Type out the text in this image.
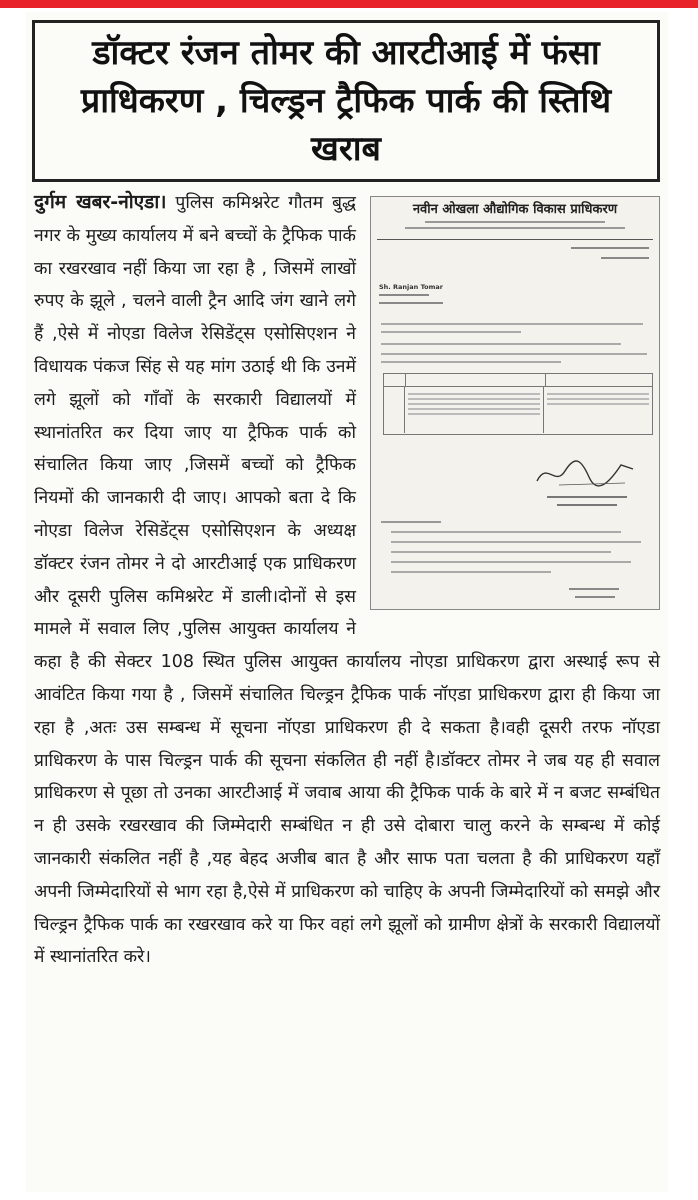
डॉक्टर रंजन तोमर की आरटीआई में फंसा प्राधिकरण , चिल्ड्रन ट्रैफिक पार्क की स्तिथि खराब
नवीन ओखला औद्योगिक विकास प्राधिकरण
Sh. Ranjan Tomar
दुर्गम खबर-नोएडा। पुलिस कमिश्नरेट गौतम बुद्ध नगर के मुख्य कार्यालय में बने बच्चों के ट्रैफिक पार्क का रखरखाव नहीं किया जा रहा है , जिसमें लाखों रुपए के झूले , चलने वाली ट्रैन आदि जंग खाने लगे हैं ,ऐसे में नोएडा विलेज रेसिडेंट्स एसोसिएशन ने विधायक पंकज सिंह से यह मांग उठाई थी कि उनमें लगे झूलों को गाँवों के सरकारी विद्यालयों में स्थानांतरित कर दिया जाए या ट्रैफिक पार्क को संचालित किया जाए ,जिसमें बच्चों को ट्रैफिक नियमों की जानकारी दी जाए। आपको बता दे कि नोएडा विलेज रेसिडेंट्स एसोसिएशन के अध्यक्ष डॉक्टर रंजन तोमर ने दो आरटीआई एक प्राधिकरण और दूसरी पुलिस कमिश्नरेट में डाली।दोनों से इस मामले में सवाल लिए ,पुलिस आयुक्त कार्यालय ने कहा है की सेक्टर 108 स्थित पुलिस आयुक्त कार्यालय नोएडा प्राधिकरण द्वारा अस्थाई रूप से आवंटित किया गया है , जिसमें संचालित चिल्ड्रन ट्रैफिक पार्क नॉएडा प्राधिकरण द्वारा ही किया जा रहा है ,अतः उस सम्बन्ध में सूचना नॉएडा प्राधिकरण ही दे सकता है।वही दूसरी तरफ नॉएडा प्राधिकरण के पास चिल्ड्रन पार्क की सूचना संकलित ही नहीं है।डॉक्टर तोमर ने जब यह ही सवाल प्राधिकरण से पूछा तो उनका आरटीआई में जवाब आया की ट्रैफिक पार्क के बारे में न बजट सम्बंधित न ही उसके रखरखाव की जिम्मेदारी सम्बंधित न ही उसे दोबारा चालु करने के सम्बन्ध में कोई जानकारी संकलित नहीं है ,यह बेहद अजीब बात है और साफ पता चलता है की प्राधिकरण यहाँ अपनी जिम्मेदारियों से भाग रहा है,ऐसे में प्राधिकरण को चाहिए के अपनी जिम्मेदारियों को समझे और चिल्ड्रन ट्रैफिक पार्क का रखरखाव करे या फिर वहां लगे झूलों को ग्रामीण क्षेत्रों के सरकारी विद्यालयों में स्थानांतरित करे।
